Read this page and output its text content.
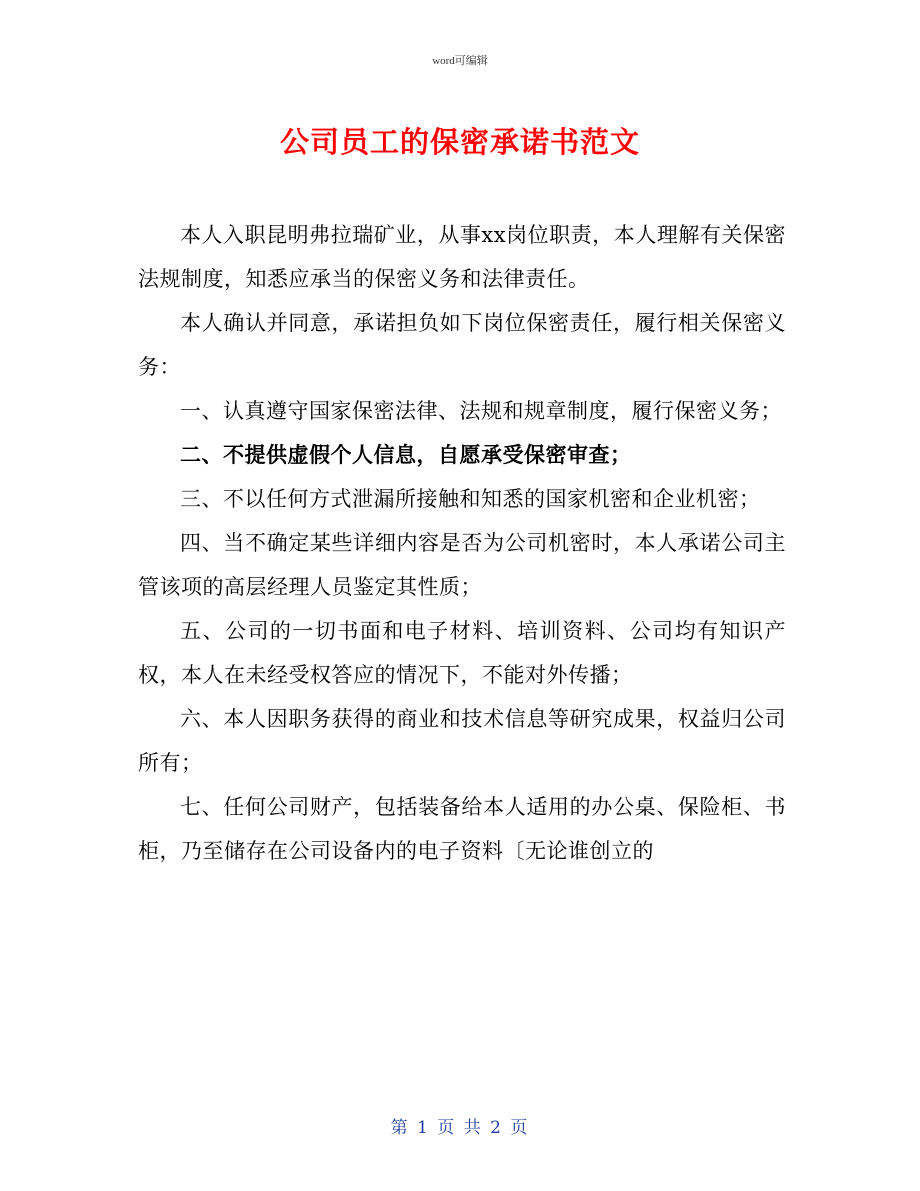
word可编辑
公司员工的保密承诺书范文

本人入职昆明弗拉瑞矿业，从事xx岗位职责，本人理解有关保密法规制度，知悉应承当的保密义务和法律责任。

本人确认并同意，承诺担负如下岗位保密责任，履行相关保密义务：

一、认真遵守国家保密法律、法规和规章制度，履行保密义务；

二、不提供虚假个人信息，自愿承受保密审查；

三、不以任何方式泄漏所接触和知悉的国家机密和企业机密；

四、当不确定某些详细内容是否为公司机密时，本人承诺公司主管该项的高层经理人员鉴定其性质；

五、公司的一切书面和电子材料、培训资料、公司均有知识产权，本人在未经受权答应的情况下，不能对外传播；

六、本人因职务获得的商业和技术信息等研究成果，权益归公司所有；

七、任何公司财产，包括装备给本人适用的办公桌、保险柜、书柜，乃至储存在公司设备内的电子资料〔无论谁创立的

第 1 页 共 2 页
